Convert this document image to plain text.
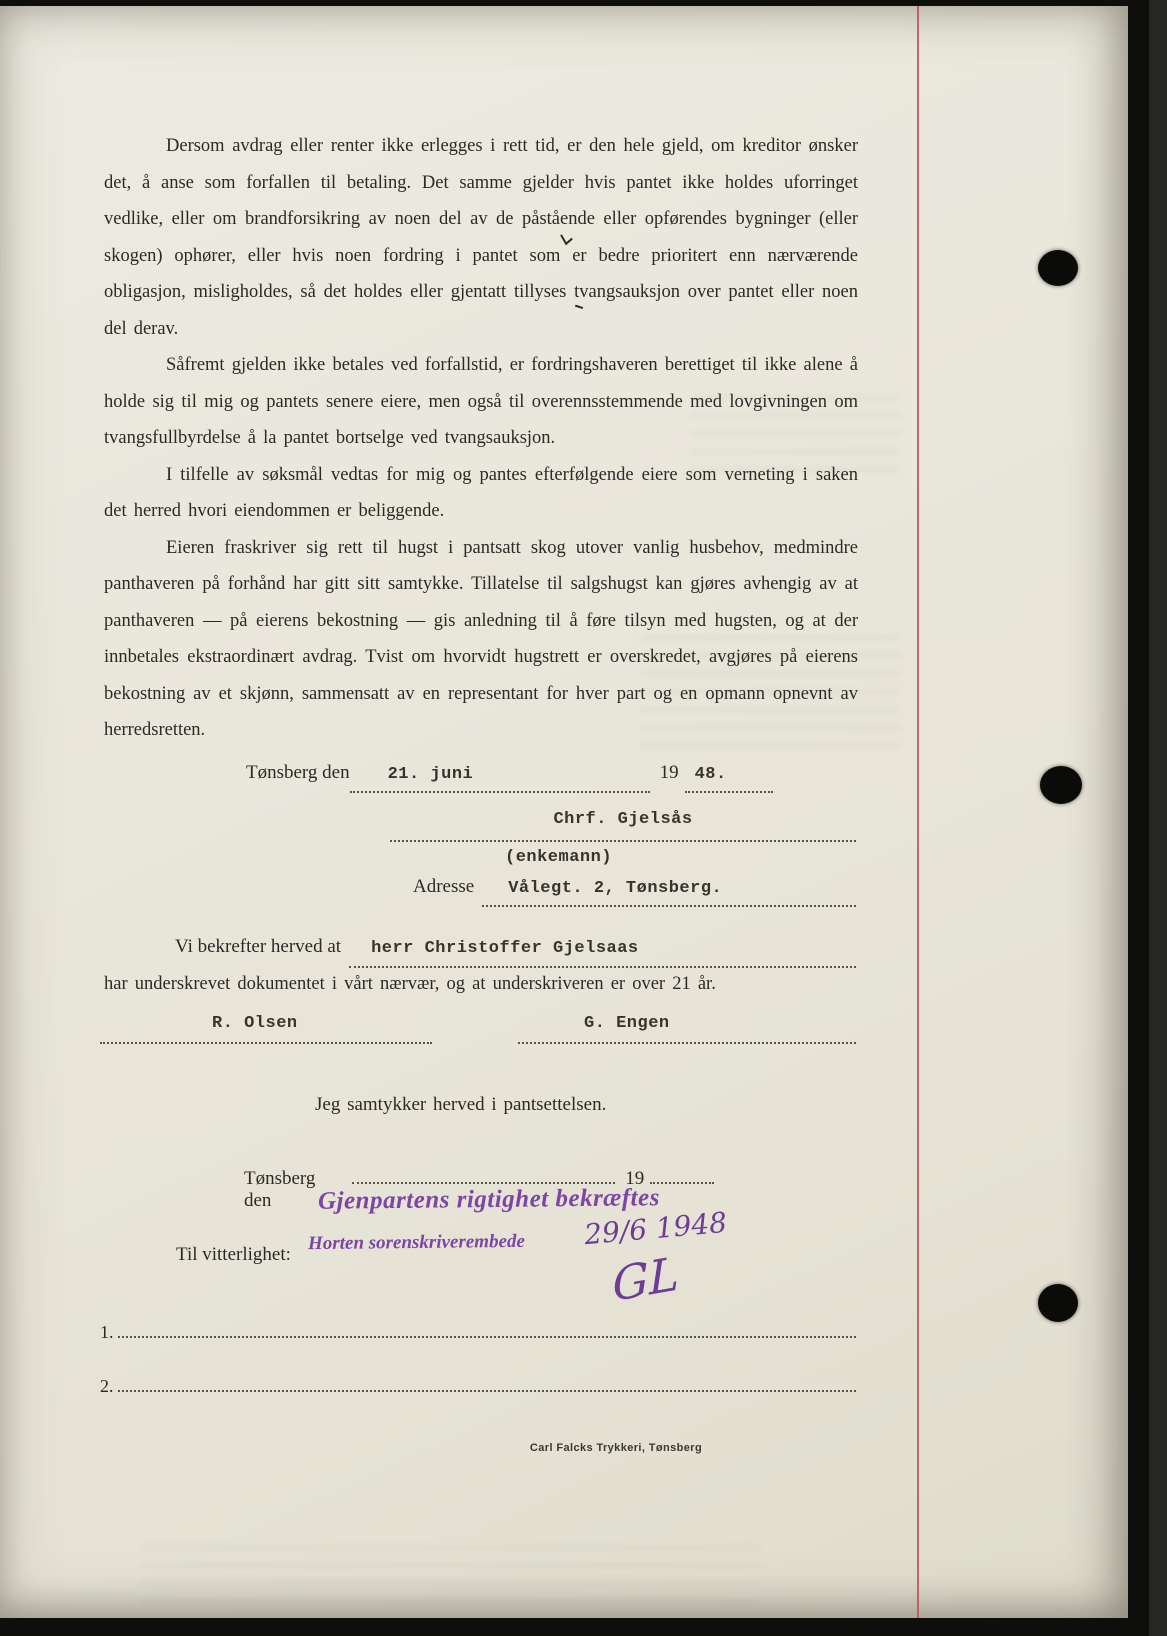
Dersom avdrag eller renter ikke erlegges i rett tid, er den hele gjeld, om kreditor ønsker det, å anse som forfallen til betaling. Det samme gjelder hvis pantet ikke holdes uforringet vedlike, eller om brandforsikring av noen del av de påstående eller opførendes bygninger (eller skogen) ophører, eller hvis noen fordring i pantet som er bedre prioritert enn nærværende obligasjon, misligholdes, så det holdes eller gjentatt tillyses tvangsauksjon over pantet eller noen del derav.

Såfremt gjelden ikke betales ved forfallstid, er fordringshaveren berettiget til ikke alene å holde sig til mig og pantets senere eiere, men også til overennsstemmende med lovgivningen om tvangsfullbyrdelse å la pantet bortselge ved tvangsauksjon.

I tilfelle av søksmål vedtas for mig og pantes efterfølgende eiere som verneting i saken det herred hvori eiendommen er beliggende.

Eieren fraskriver sig rett til hugst i pantsatt skog utover vanlig husbehov, medmindre panthaveren på forhånd har gitt sitt samtykke. Tillatelse til salgshugst kan gjøres avhengig av at panthaveren — på eierens bekostning — gis anledning til å føre tilsyn med hugsten, og at der innbetales ekstraordinært avdrag. Tvist om hvorvidt hugstrett er overskredet, avgjøres på eierens bekostning av et skjønn, sammensatt av en representant for hver part og en opmann opnevnt av herredsretten.

Tønsberg den	21. juni	19 48.
Chrf. Gjelsås
(enkemann)
Adresse	Vålegt. 2, Tønsberg.
Vi bekrefter herved at	herr Christoffer Gjelsaas
har underskrevet dokumentet i vårt nærvær, og at underskriveren er over 21 år.
R. Olsen	G. Engen
Jeg samtykker herved i pantsettelsen.
Tønsberg den
19
Gjenpartens rigtighet bekræftes
Horten sorenskriverembede 29/6 1948
GL
Til vitterlighet:
1.
2.
Carl Falcks Trykkeri, Tønsberg
